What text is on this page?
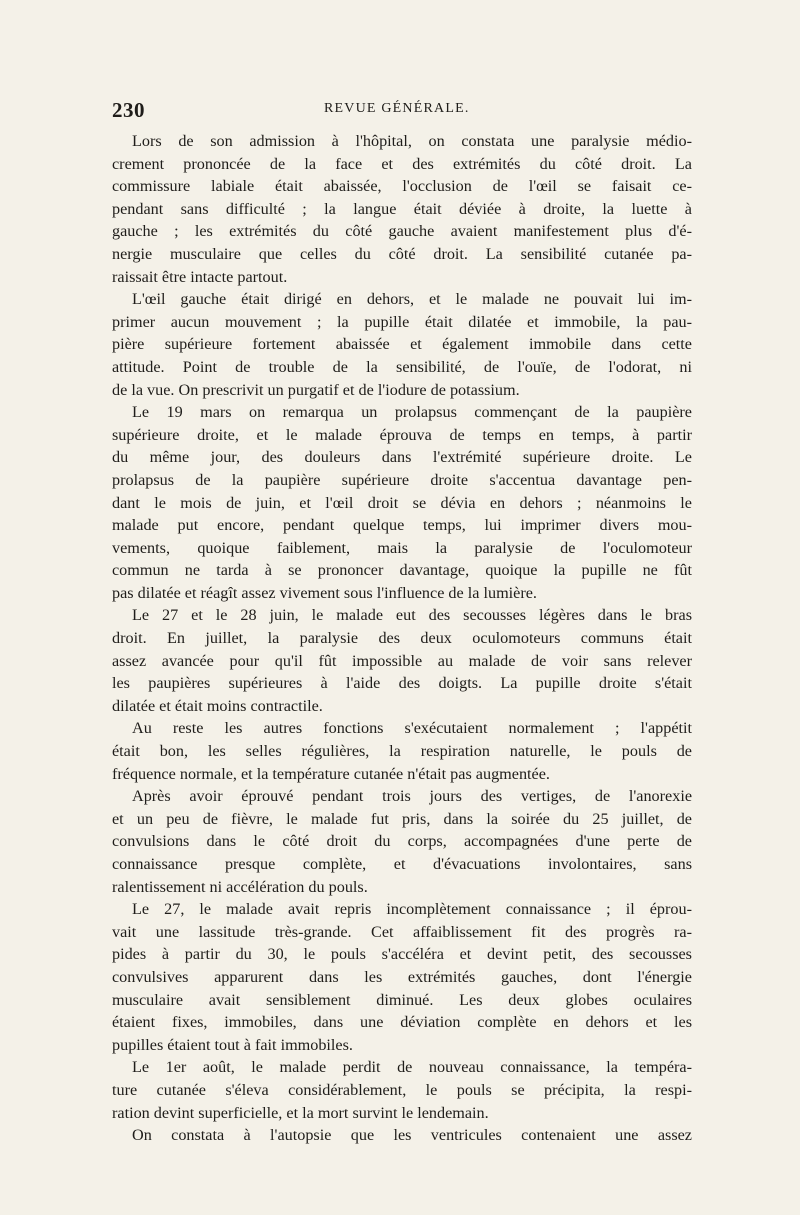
230	REVUE GÉNÉRALE.
Lors de son admission à l'hôpital, on constata une paralysie médio-
crement prononcée de la face et des extrémités du côté droit. La
commissure labiale était abaissée, l'occlusion de l'œil se faisait ce-
pendant sans difficulté ; la langue était déviée à droite, la luette à
gauche ; les extrémités du côté gauche avaient manifestement plus d'é-
nergie musculaire que celles du côté droit. La sensibilité cutanée pa-
raissait être intacte partout.
L'œil gauche était dirigé en dehors, et le malade ne pouvait lui im-
primer aucun mouvement ; la pupille était dilatée et immobile, la pau-
pière supérieure fortement abaissée et également immobile dans cette
attitude. Point de trouble de la sensibilité, de l'ouïe, de l'odorat, ni
de la vue. On prescrivit un purgatif et de l'iodure de potassium.
Le 19 mars on remarqua un prolapsus commençant de la paupière
supérieure droite, et le malade éprouva de temps en temps, à partir
du même jour, des douleurs dans l'extrémité supérieure droite. Le
prolapsus de la paupière supérieure droite s'accentua davantage pen-
dant le mois de juin, et l'œil droit se dévia en dehors ; néanmoins le
malade put encore, pendant quelque temps, lui imprimer divers mou-
vements, quoique faiblement, mais la paralysie de l'oculomoteur
commun ne tarda à se prononcer davantage, quoique la pupille ne fût
pas dilatée et réagît assez vivement sous l'influence de la lumière.
Le 27 et le 28 juin, le malade eut des secousses légères dans le bras
droit. En juillet, la paralysie des deux oculomoteurs communs était
assez avancée pour qu'il fût impossible au malade de voir sans relever
les paupières supérieures à l'aide des doigts. La pupille droite s'était
dilatée et était moins contractile.
Au reste les autres fonctions s'exécutaient normalement ; l'appétit
était bon, les selles régulières, la respiration naturelle, le pouls de
fréquence normale, et la température cutanée n'était pas augmentée.
Après avoir éprouvé pendant trois jours des vertiges, de l'anorexie
et un peu de fièvre, le malade fut pris, dans la soirée du 25 juillet, de
convulsions dans le côté droit du corps, accompagnées d'une perte de
connaissance presque complète, et d'évacuations involontaires, sans
ralentissement ni accélération du pouls.
Le 27, le malade avait repris incomplètement connaissance ; il éprou-
vait une lassitude très-grande. Cet affaiblissement fit des progrès ra-
pides à partir du 30, le pouls s'accéléra et devint petit, des secousses
convulsives apparurent dans les extrémités gauches, dont l'énergie
musculaire avait sensiblement diminué. Les deux globes oculaires
étaient fixes, immobiles, dans une déviation complète en dehors et les
pupilles étaient tout à fait immobiles.
Le 1er août, le malade perdit de nouveau connaissance, la tempéra-
ture cutanée s'éleva considérablement, le pouls se précipita, la respi-
ration devint superficielle, et la mort survint le lendemain.
On constata à l'autopsie que les ventricules contenaient une assez
